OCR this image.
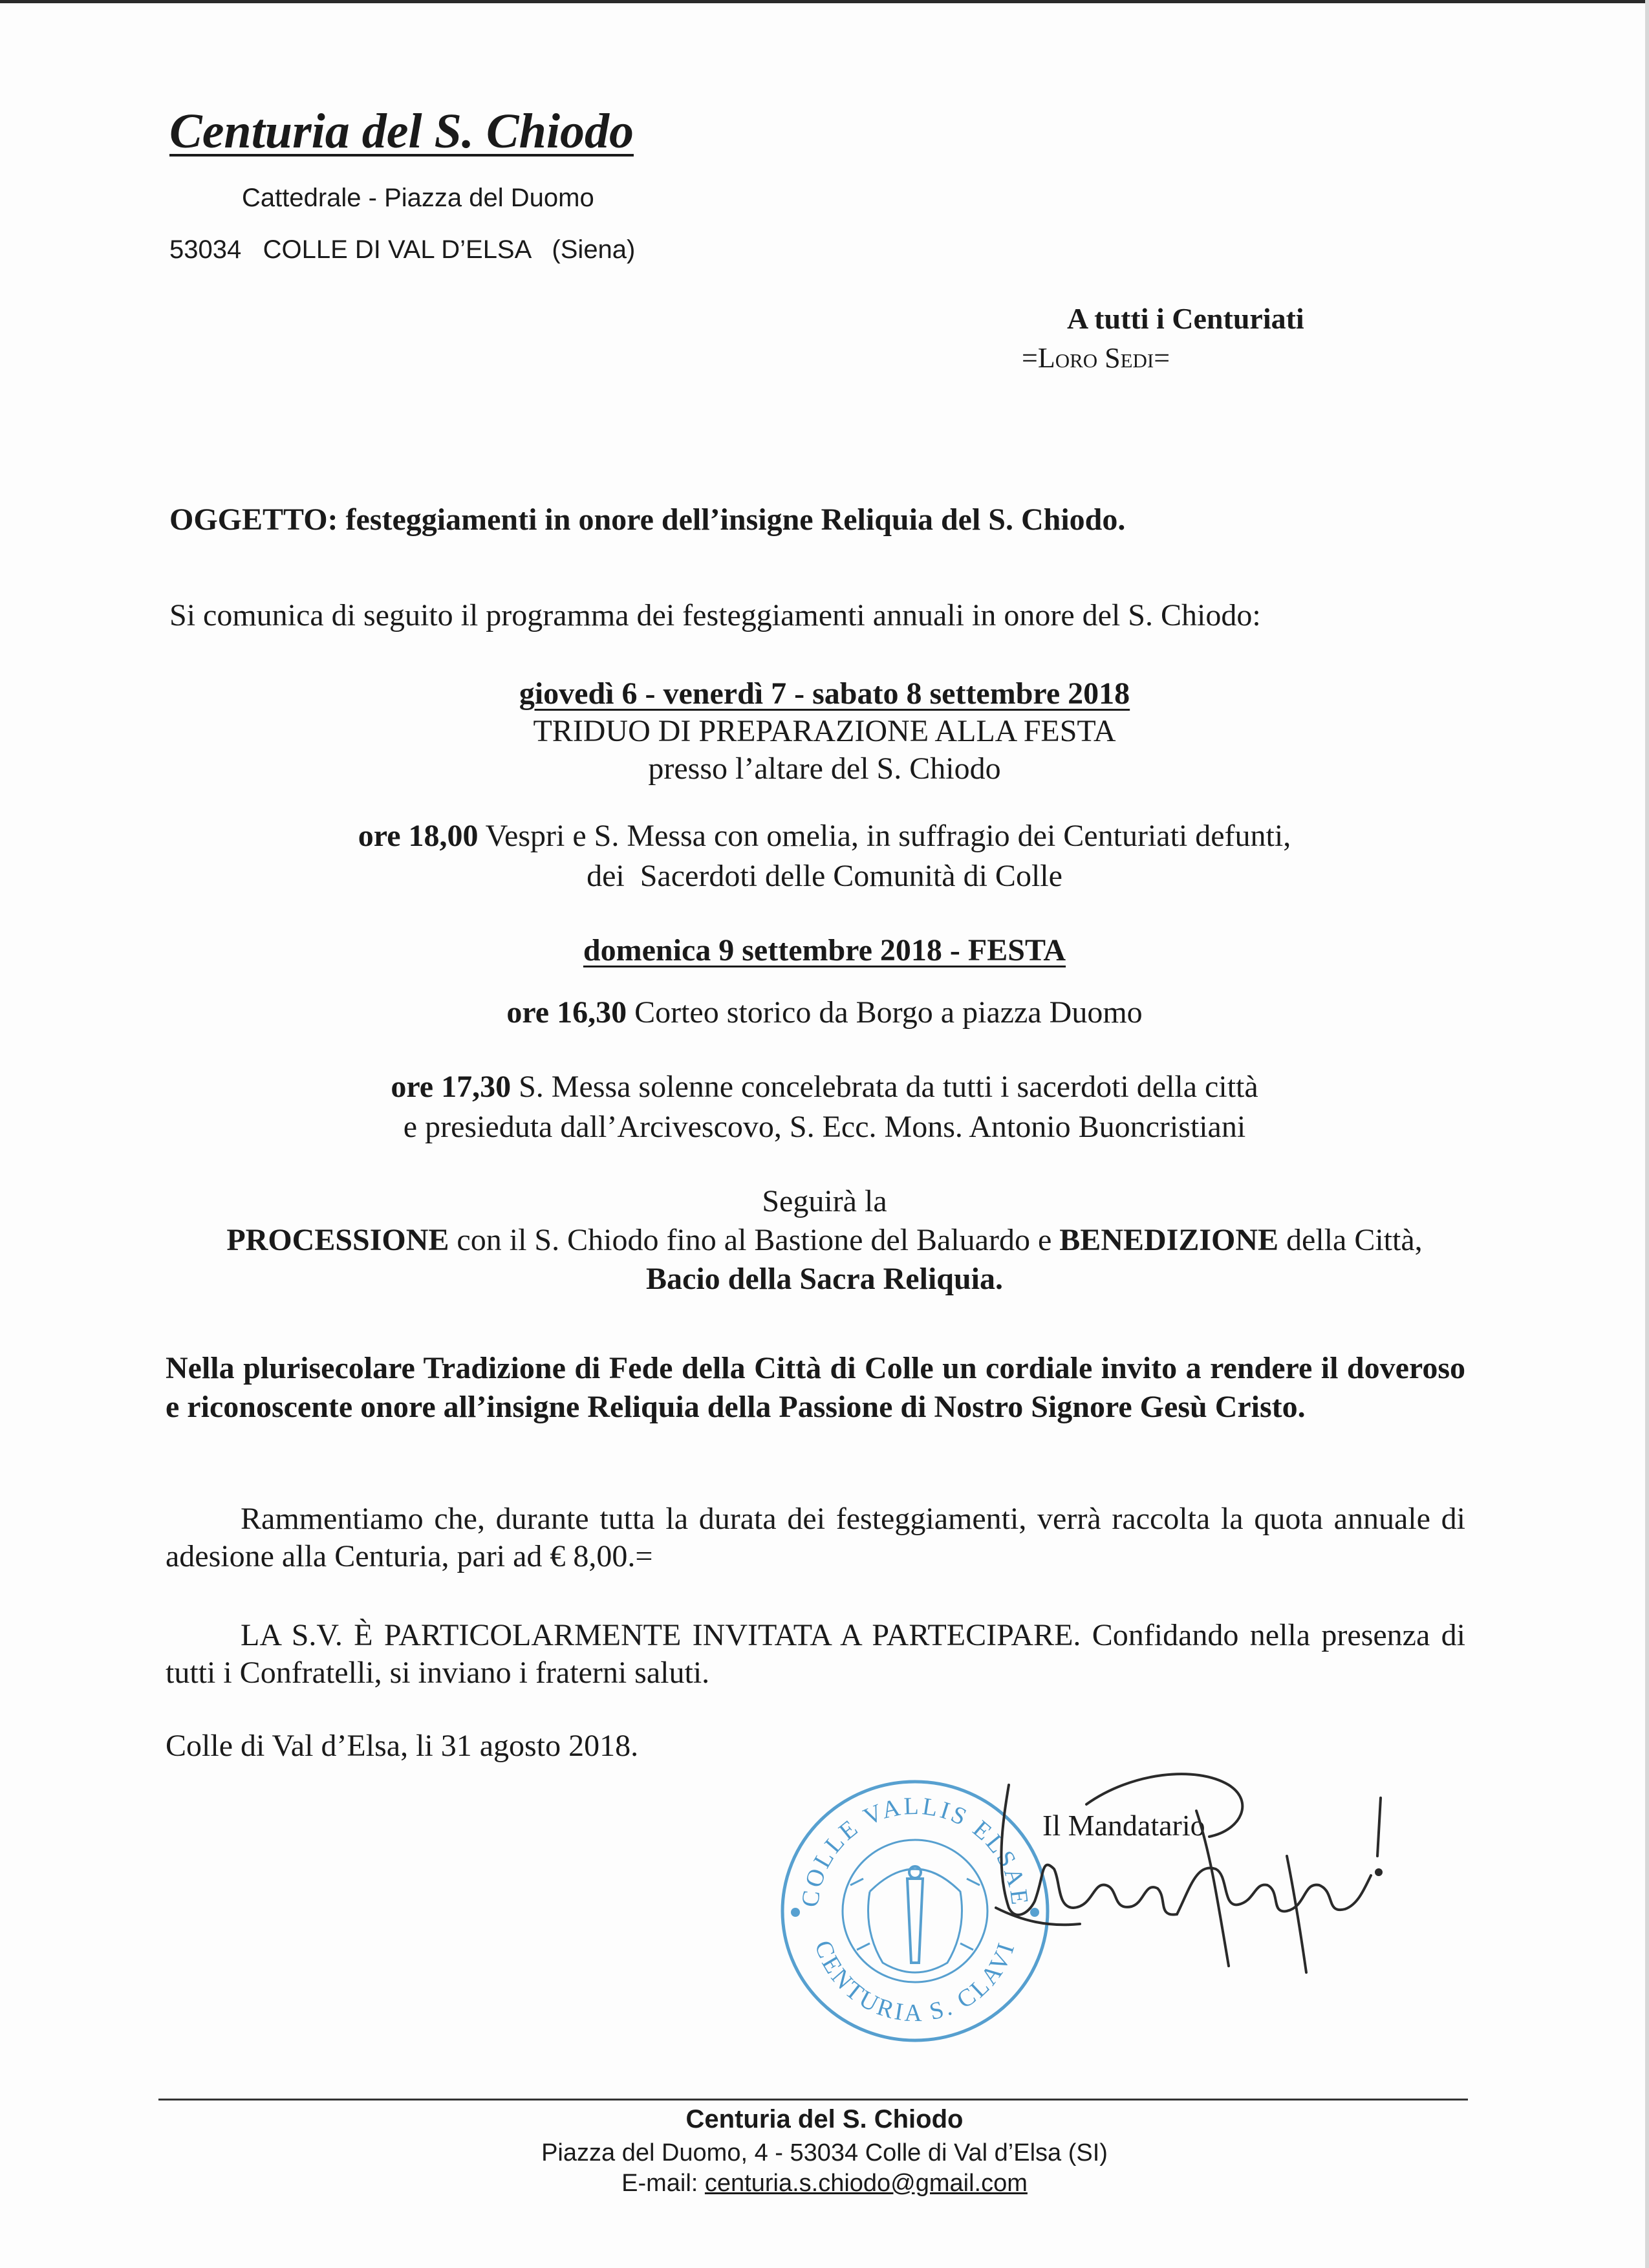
Centuria del S. Chiodo
Cattedrale - Piazza del Duomo
53034   COLLE DI VAL D’ELSA   (Siena)
A tutti i Centuriati
=Loro Sedi=
OGGETTO: festeggiamenti in onore dell’insigne Reliquia del S. Chiodo.
Si comunica di seguito il programma dei festeggiamenti annuali in onore del S. Chiodo:
giovedì 6 - venerdì 7 - sabato 8 settembre 2018
TRIDUO DI PREPARAZIONE ALLA FESTA
presso l’altare del S. Chiodo
ore 18,00 Vespri e S. Messa con omelia, in suffragio dei Centuriati defunti,
dei  Sacerdoti delle Comunità di Colle
domenica 9 settembre 2018 - FESTA
ore 16,30 Corteo storico da Borgo a piazza Duomo
ore 17,30 S. Messa solenne concelebrata da tutti i sacerdoti della città
e presieduta dall’Arcivescovo, S. Ecc. Mons. Antonio Buoncristiani
Seguirà la
PROCESSIONE con il S. Chiodo fino al Bastione del Baluardo e BENEDIZIONE della Città,
Bacio della Sacra Reliquia.
Nella plurisecolare Tradizione di Fede della Città di Colle un cordiale invito a rendere il doveroso e riconoscente onore all’insigne Reliquia della Passione di Nostro Signore Gesù Cristo.
Rammentiamo che, durante tutta la durata dei festeggiamenti, verrà raccolta la quota annuale di adesione alla Centuria, pari ad € 8,00.=
LA S.V. È PARTICOLARMENTE INVITATA A PARTECIPARE. Confidando nella presenza di tutti i Confratelli, si inviano i fraterni saluti.
Colle di Val d’Elsa, li 31 agosto 2018.
COLLE VALLIS ELSAE
CENTURIA S. CLAVI
Il Mandatario
Centuria del S. Chiodo
Piazza del Duomo, 4 - 53034 Colle di Val d’Elsa (SI)
E-mail: centuria.s.chiodo@gmail.com
